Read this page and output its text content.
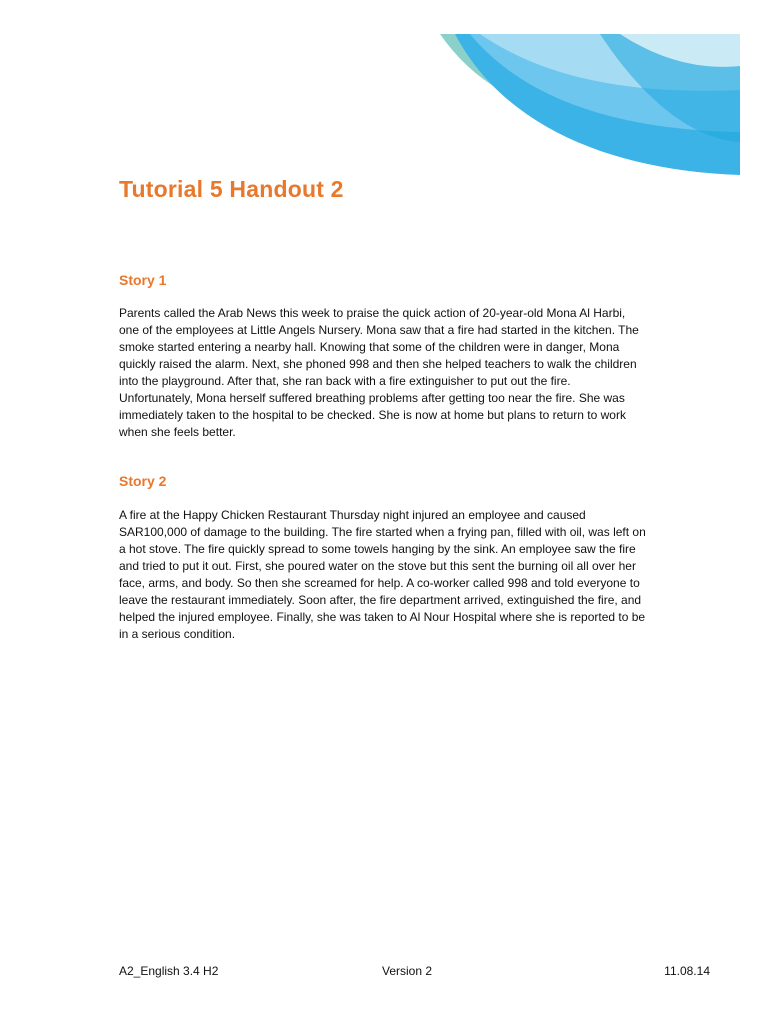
Tutorial 5 Handout 2
Story 1

Parents called the Arab News this week to praise the quick action of 20-year-old Mona Al Harbi, one of the employees at Little Angels Nursery. Mona saw that a fire had started in the kitchen. The smoke started entering a nearby hall. Knowing that some of the children were in danger, Mona quickly raised the alarm. Next, she phoned 998 and then she helped teachers to walk the children into the playground. After that, she ran back with a fire extinguisher to put out the fire. Unfortunately, Mona herself suffered breathing problems after getting too near the fire. She was immediately taken to the hospital to be checked. She is now at home but plans to return to work when she feels better.

Story 2

A fire at the Happy Chicken Restaurant Thursday night injured an employee and caused SAR100,000 of damage to the building. The fire started when a frying pan, filled with oil, was left on a hot stove. The fire quickly spread to some towels hanging by the sink. An employee saw the fire and tried to put it out. First, she poured water on the stove but this sent the burning oil all over her face, arms, and body. So then she screamed for help. A co-worker called 998 and told everyone to leave the restaurant immediately. Soon after, the fire department arrived, extinguished the fire, and helped the injured employee. Finally, she was taken to Al Nour Hospital where she is reported to be in a serious condition.

A2_English 3.4 H2	Version 2	11.08.14
